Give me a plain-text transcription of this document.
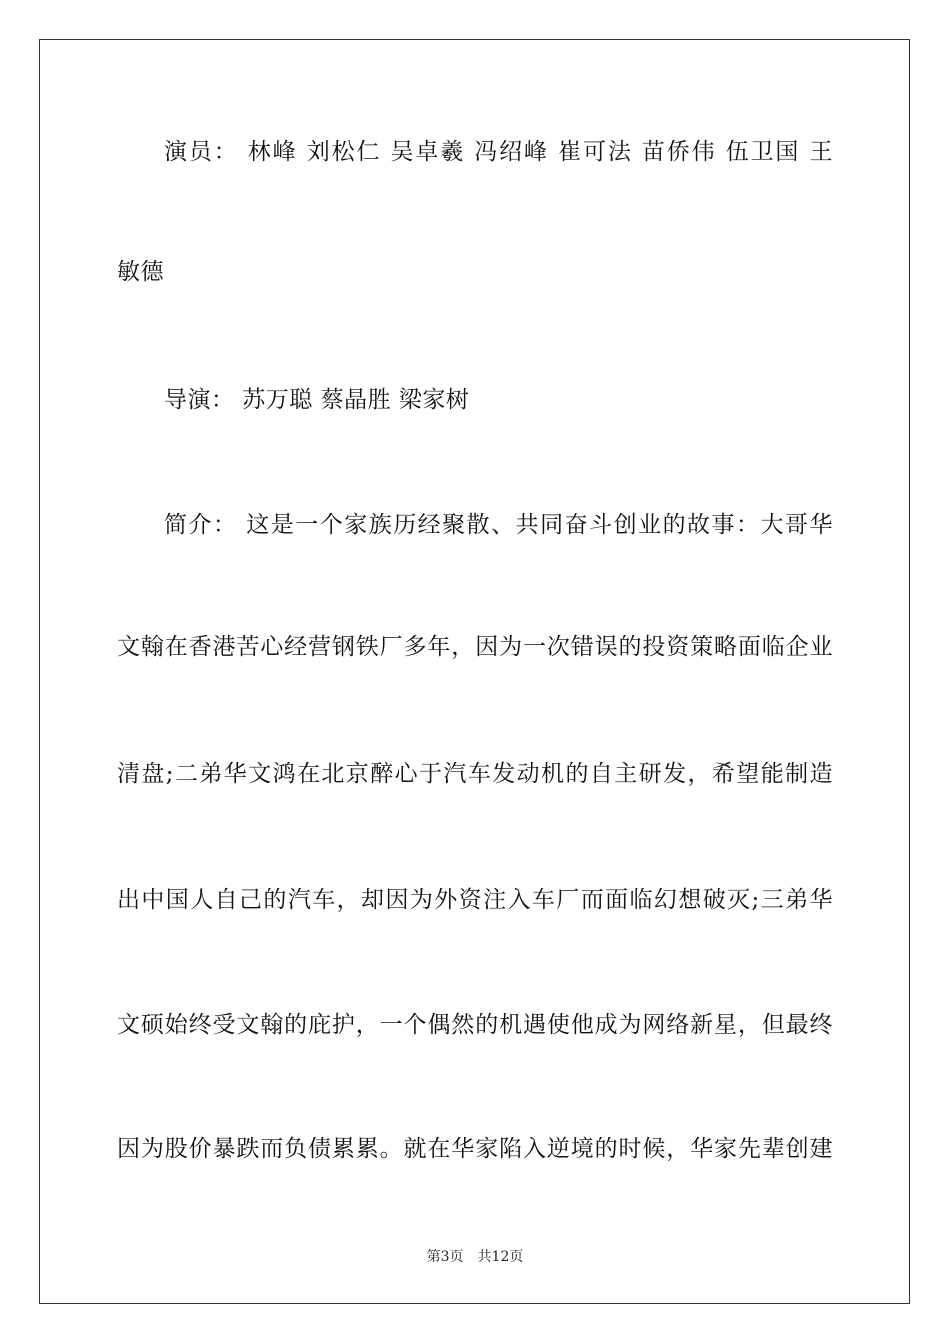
演员： 林峰 刘松仁 吴卓羲 冯绍峰 崔可法 苗侨伟 伍卫国 王
敏德
导演： 苏万聪 蔡晶胜 梁家树
简介： 这是一个家族历经聚散、共同奋斗创业的故事：大哥华
文翰在香港苦心经营钢铁厂多年，因为一次错误的投资策略面临企业
清盘;二弟华文鸿在北京醉心于汽车发动机的自主研发，希望能制造
出中国人自己的汽车，却因为外资注入车厂而面临幻想破灭;三弟华
文硕始终受文翰的庇护，一个偶然的机遇使他成为网络新星，但最终
因为股价暴跌而负债累累。就在华家陷入逆境的时候，华家先辈创建
第3页 共12页
